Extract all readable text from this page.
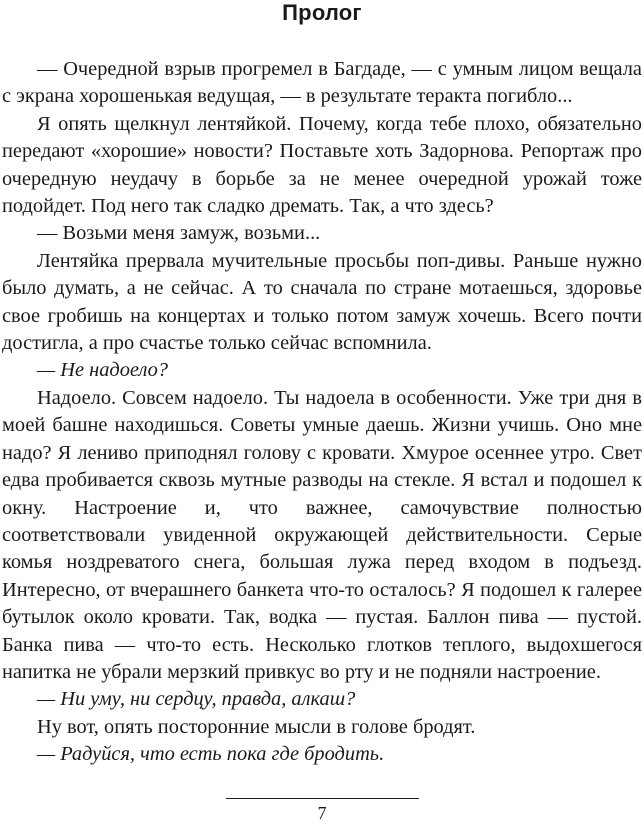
Пролог

— Очередной взрыв прогремел в Багдаде, — с умным лицом вещала с экрана хорошенькая ведущая, — в результате теракта погибло...

Я опять щелкнул лентяйкой. Почему, когда тебе плохо, обязательно передают «хорошие» новости? Поставьте хоть Задорнова. Репортаж про очередную неудачу в борьбе за не менее очередной урожай тоже подойдет. Под него так сладко дремать. Так, а что здесь?

— Возьми меня замуж, возьми...

Лентяйка прервала мучительные просьбы поп-дивы. Раньше нужно было думать, а не сейчас. А то сначала по стране мотаешься, здоровье свое гробишь на концертах и только потом замуж хочешь. Всего почти достигла, а про счастье только сейчас вспомнила.

— Не надоело?

Надоело. Совсем надоело. Ты надоела в особенности. Уже три дня в моей башне находишься. Советы умные даешь. Жизни учишь. Оно мне надо? Я лениво приподнял голову с кровати. Хмурое осеннее утро. Свет едва пробивается сквозь мутные разводы на стекле. Я встал и подошел к окну. Настроение и, что важнее, самочувствие полностью соответствовали увиденной окружающей действительности. Серые комья ноздреватого снега, большая лужа перед входом в подъезд. Интересно, от вчерашнего банкета что-то осталось? Я подошел к галерее бутылок около кровати. Так, водка — пустая. Баллон пива — пустой. Банка пива — что-то есть. Несколько глотков теплого, выдохшегося напитка не убрали мерзкий привкус во рту и не подняли настроение.

— Ни уму, ни сердцу, правда, алкаш?

Ну вот, опять посторонние мысли в голове бродят.

— Радуйся, что есть пока где бродить.

7
